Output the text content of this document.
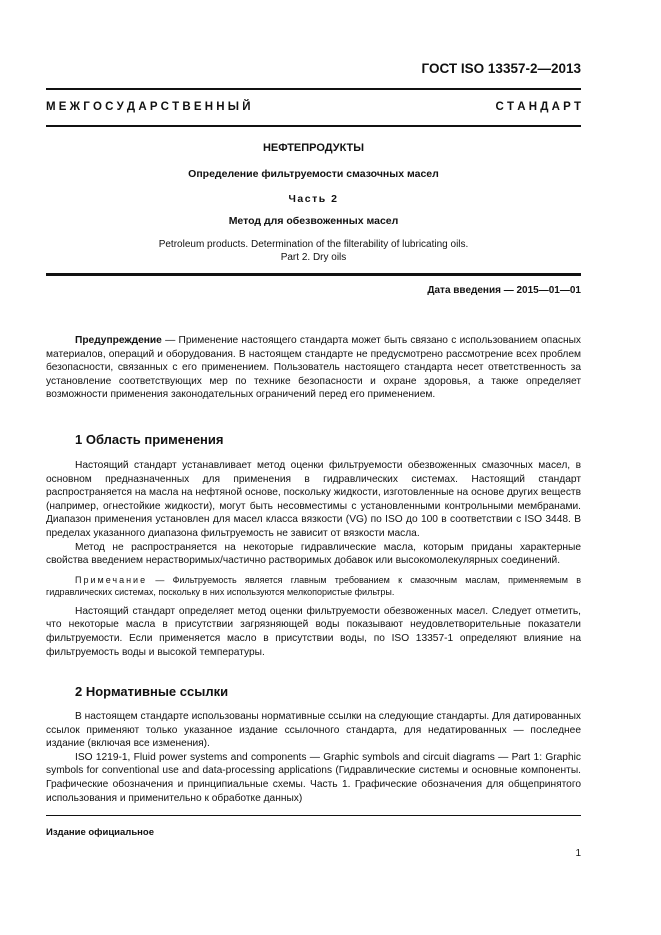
ГОСТ ISO 13357-2—2013
М Е Ж Г О С У Д А Р С Т В Е Н Н Ы Й	С Т А Н Д А Р Т
НЕФТЕПРОДУКТЫ
Определение фильтруемости смазочных масел
Часть 2
Метод для обезвоженных масел
Petroleum products. Determination of the filterability of lubricating oils.
Part 2. Dry oils
Дата введения — 2015—01—01

Предупреждение — Применение настоящего стандарта может быть связано с использованием опасных материалов, операций и оборудования. В настоящем стандарте не предусмотрено рассмотрение всех проблем безопасности, связанных с его применением. Пользователь настоящего стандарта несет ответственность за установление соответствующих мер по технике безопасности и охране здоровья, а также определяет возможности применения законодательных ограничений перед его применением.

1 Область применения

Настоящий стандарт устанавливает метод оценки фильтруемости обезвоженных смазочных масел, в основном предназначенных для применения в гидравлических системах. Настоящий стандарт распространяется на масла на нефтяной основе, поскольку жидкости, изготовленные на основе других веществ (например, огнестойкие жидкости), могут быть несовместимы с установленными контрольными мембранами. Диапазон применения установлен для масел класса вязкости (VG) по ISO до 100 в соответствии с ISO 3448. В пределах указанного диапазона фильтруемость не зависит от вязкости масла.

Метод не распространяется на некоторые гидравлические масла, которым приданы характерные свойства введением нерастворимых/частично растворимых добавок или высокомолекулярных соединений.

Примечание — Фильтруемость является главным требованием к смазочным маслам, применяемым в гидравлических системах, поскольку в них используются мелкопористые фильтры.

Настоящий стандарт определяет метод оценки фильтруемости обезвоженных масел. Следует отметить, что некоторые масла в присутствии загрязняющей воды показывают неудовлетворительные показатели фильтруемости. Если применяется масло в присутствии воды, по ISO 13357-1 определяют влияние на фильтруемость воды и высокой температуры.

2 Нормативные ссылки

В настоящем стандарте использованы нормативные ссылки на следующие стандарты. Для датированных ссылок применяют только указанное издание ссылочного стандарта, для недатированных — последнее издание (включая все изменения).

ISO 1219-1, Fluid power systems and components — Graphic symbols and circuit diagrams — Part 1: Graphic symbols for conventional use and data-processing applications (Гидравлические системы и основные компоненты. Графические обозначения и принципиальные схемы. Часть 1. Графические обозначения для общепринятого использования и применительно к обработке данных)

Издание официальное
1
